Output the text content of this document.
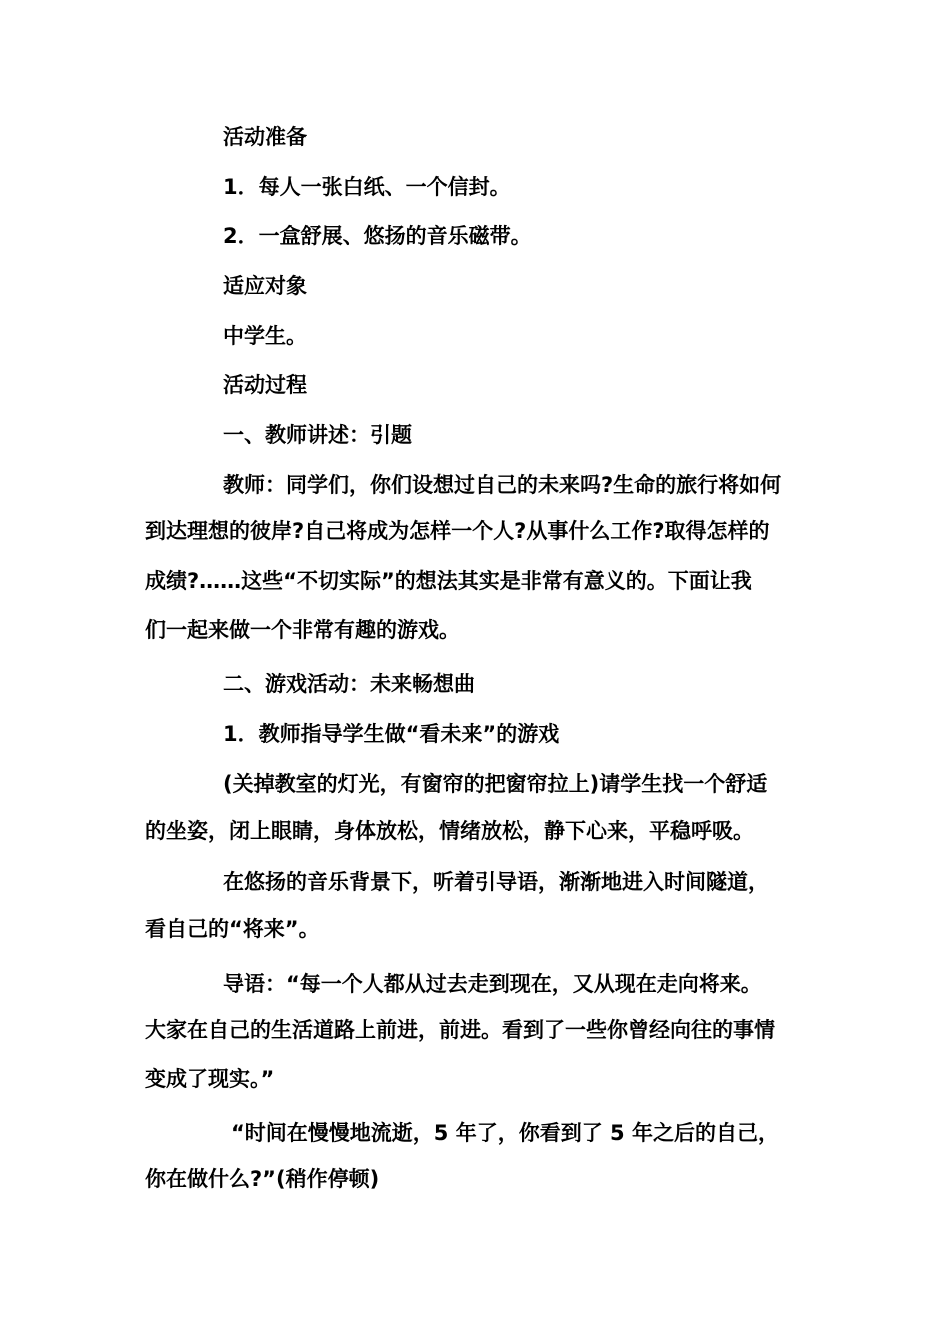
活动准备
1．每人一张白纸、一个信封。
2．一盒舒展、悠扬的音乐磁带。
适应对象
中学生。
活动过程
一、教师讲述：引题
教师：同学们，你们设想过自己的未来吗?生命的旅行将如何
到达理想的彼岸?自己将成为怎样一个人?从事什么工作?取得怎样的
成绩?……这些“不切实际”的想法其实是非常有意义的。下面让我
们一起来做一个非常有趣的游戏。
二、游戏活动：未来畅想曲
1．教师指导学生做“看未来”的游戏
(关掉教室的灯光，有窗帘的把窗帘拉上)请学生找一个舒适
的坐姿，闭上眼睛，身体放松，情绪放松，静下心来，平稳呼吸。
在悠扬的音乐背景下，听着引导语，渐渐地进入时间隧道，
看自己的“将来”。
导语：“每一个人都从过去走到现在，又从现在走向将来。
大家在自己的生活道路上前进，前进。看到了一些你曾经向往的事情
变成了现实。”
“时间在慢慢地流逝，5 年了，你看到了 5 年之后的自己，
你在做什么?”(稍作停顿)
